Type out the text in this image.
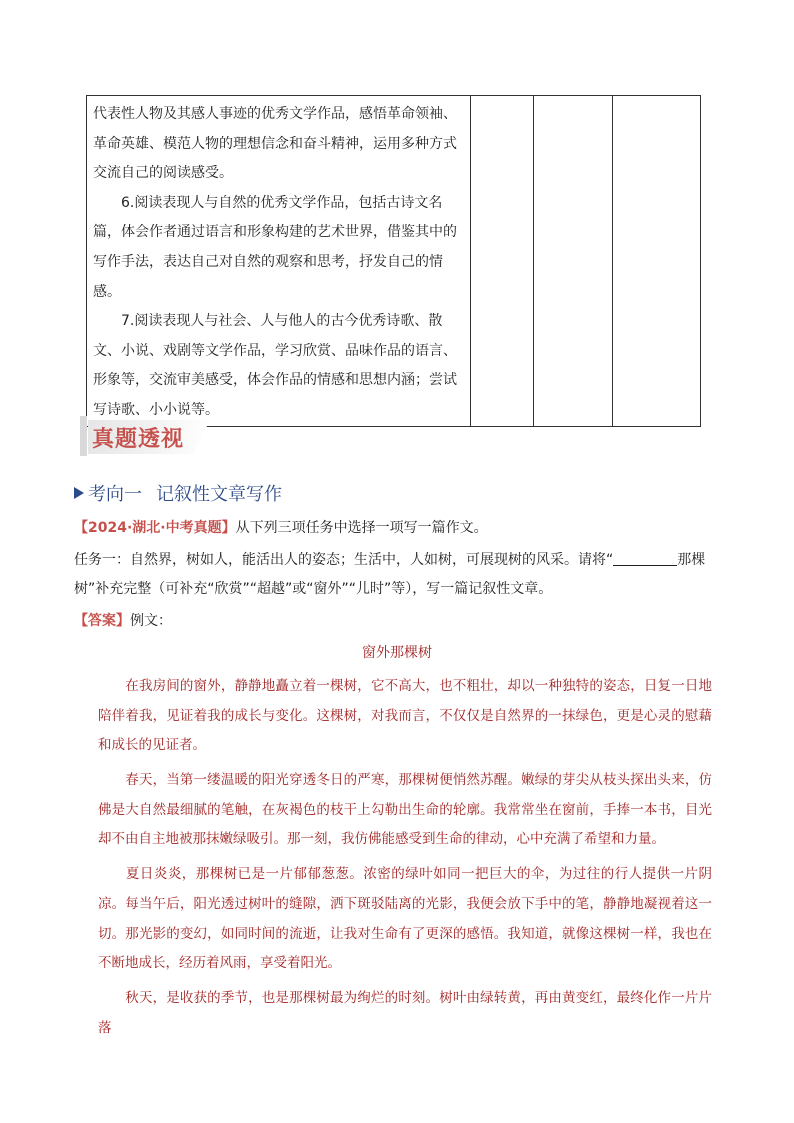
代表性人物及其感人事迹的优秀文学作品，感悟革命领袖、革命英雄、模范人物的理想信念和奋斗精神，运用多种方式交流自己的阅读感受。

6.阅读表现人与自然的优秀文学作品，包括古诗文名篇，体会作者通过语言和形象构建的艺术世界，借鉴其中的写作手法，表达自己对自然的观察和思考，抒发自己的情感。

7.阅读表现人与社会、人与他人的古今优秀诗歌、散文、小说、戏剧等文学作品，学习欣赏、品味作品的语言、形象等，交流审美感受，体会作品的情感和思想内涵；尝试写诗歌、小小说等。

真题透视
考向一 记叙性文章写作
【2024·湖北·中考真题】从下列三项任务中选择一项写一篇作文。
任务一：自然界，树如人，能活出人的姿态；生活中，人如树，可展现树的风采。请将“	那棵树”补充完整（可补充“欣赏”“超越”或“窗外”“儿时”等），写一篇记叙性文章。
【答案】例文：
窗外那棵树

　　在我房间的窗外，静静地矗立着一棵树，它不高大，也不粗壮，却以一种独特的姿态，日复一日地陪伴着我，见证着我的成长与变化。这棵树，对我而言，不仅仅是自然界的一抹绿色，更是心灵的慰藉和成长的见证者。

　　春天，当第一缕温暖的阳光穿透冬日的严寒，那棵树便悄然苏醒。嫩绿的芽尖从枝头探出头来，仿佛是大自然最细腻的笔触，在灰褐色的枝干上勾勒出生命的轮廓。我常常坐在窗前，手捧一本书，目光却不由自主地被那抹嫩绿吸引。那一刻，我仿佛能感受到生命的律动，心中充满了希望和力量。

　　夏日炎炎，那棵树已是一片郁郁葱葱。浓密的绿叶如同一把巨大的伞，为过往的行人提供一片阴凉。每当午后，阳光透过树叶的缝隙，洒下斑驳陆离的光影，我便会放下手中的笔，静静地凝视着这一切。那光影的变幻，如同时间的流逝，让我对生命有了更深的感悟。我知道，就像这棵树一样，我也在不断地成长，经历着风雨，享受着阳光。

　　秋天，是收获的季节，也是那棵树最为绚烂的时刻。树叶由绿转黄，再由黄变红，最终化作一片片落
